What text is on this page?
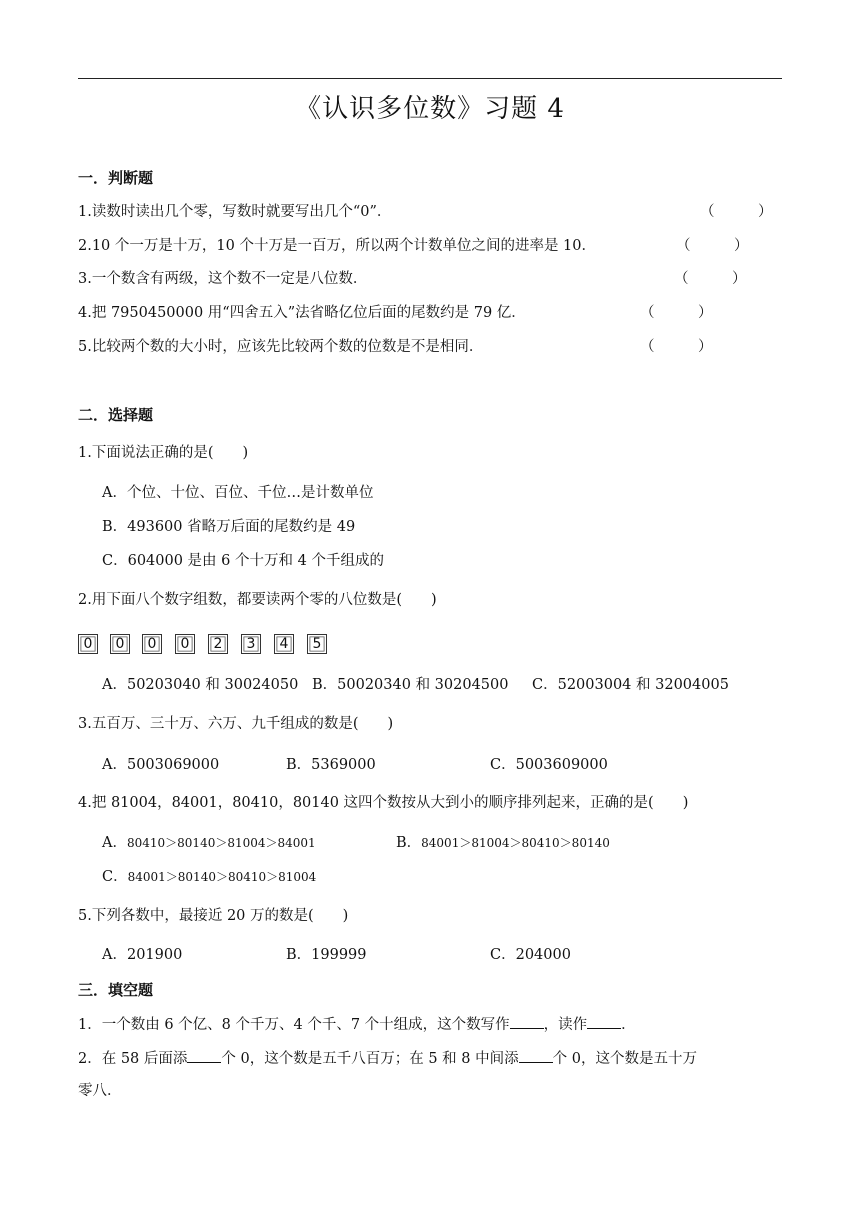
《认识多位数》习题 4
一．判断题
1.读数时读出几个零，写数时就要写出几个“0”．	（　　　）
2.10 个一万是十万，10 个十万是一百万，所以两个计数单位之间的进率是 10．	（　　　）
3.一个数含有两级，这个数不一定是八位数．	（　　　）
4.把 7950450000 用“四舍五入”法省略亿位后面的尾数约是 79 亿．	（　　　）
5.比较两个数的大小时，应该先比较两个数的位数是不是相同．	（　　　）
二．选择题
1.下面说法正确的是(　　)
A．个位、十位、百位、千位…是计数单位
B．493600 省略万后面的尾数约是 49
C．604000 是由 6 个十万和 4 个千组成的
2.用下面八个数字组数，都要读两个零的八位数是(　　)
0	0	0	0	2	3	4	5
A．50203040 和 30024050 B．50020340 和 30204500 C．52003004 和 32004005
3.五百万、三十万、六万、九千组成的数是(　　)
A．5003069000	B．5369000	C．5003609000
4.把 81004，84001，80410，80140 这四个数按从大到小的顺序排列起来，正确的是(　　)
A．80410＞80140＞81004＞84001	B．84001＞81004＞80410＞80140
C．84001＞80140＞80410＞81004
5.下列各数中，最接近 20 万的数是(　　)
A．201900	B．199999	C．204000
三．填空题
1．一个数由 6 个亿、8 个千万、4 个千、7 个十组成，这个数写作 ，读作 ．
2．在 58 后面添 个 0，这个数是五千八百万；在 5 和 8 中间添 个 0，这个数是五十万
零八．
